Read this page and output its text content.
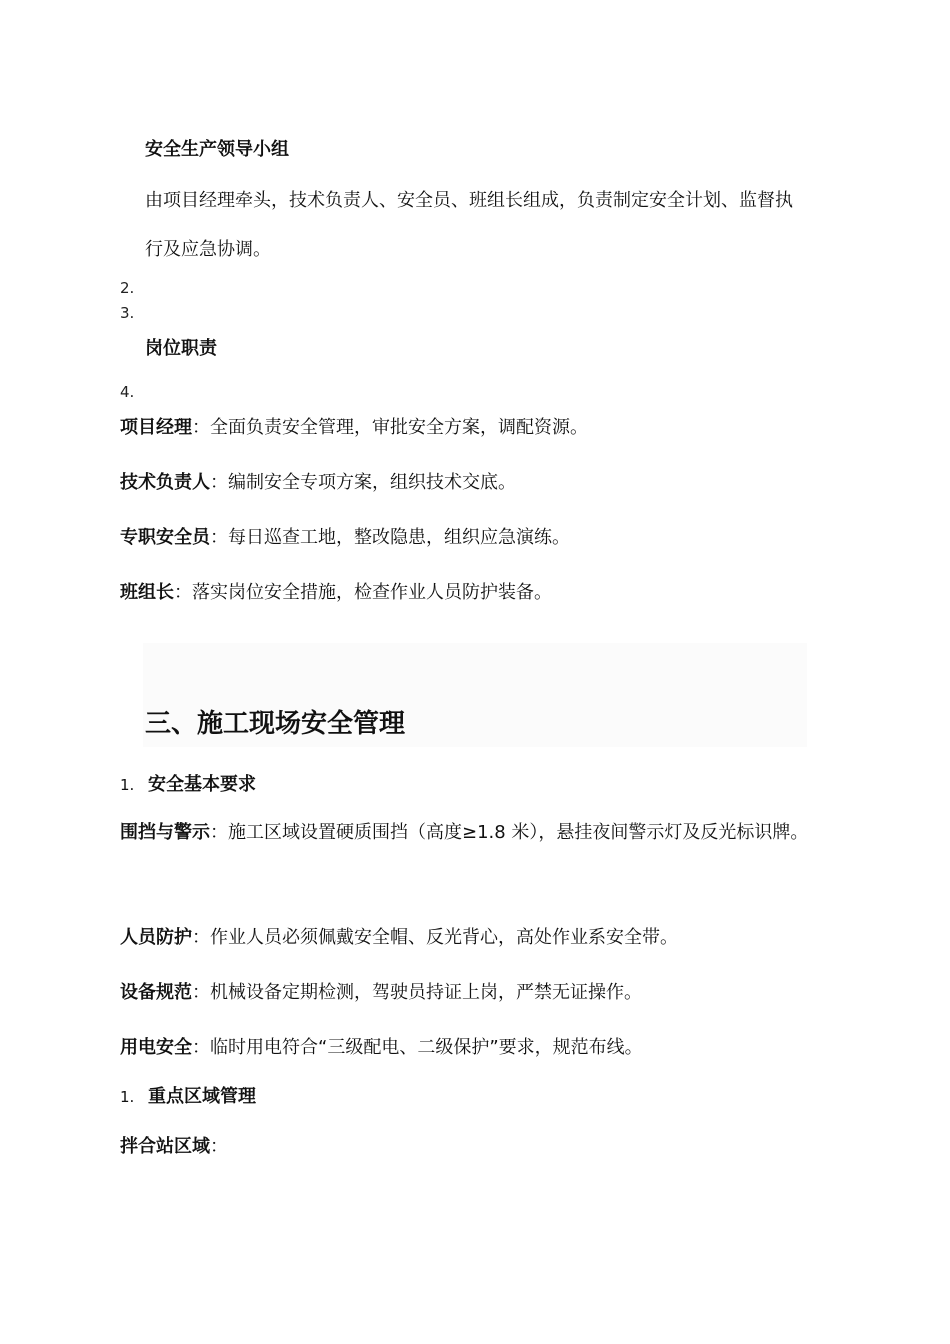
安全生产领导小组
由项目经理牵头，技术负责人、安全员、班组长组成，负责制定安全计划、监督执行及应急协调。
2.
3.
岗位职责
4.
项目经理：全面负责安全管理，审批安全方案，调配资源。
技术负责人：编制安全专项方案，组织技术交底。
专职安全员：每日巡查工地，整改隐患，组织应急演练。
班组长：落实岗位安全措施，检查作业人员防护装备。
三、施工现场安全管理
1. 安全基本要求
围挡与警示：施工区域设置硬质围挡（高度≥1.8 米），悬挂夜间警示灯及反光标识牌。
人员防护：作业人员必须佩戴安全帽、反光背心，高处作业系安全带。
设备规范：机械设备定期检测，驾驶员持证上岗，严禁无证操作。
用电安全：临时用电符合“三级配电、二级保护”要求，规范布线。
1. 重点区域管理
拌合站区域：
